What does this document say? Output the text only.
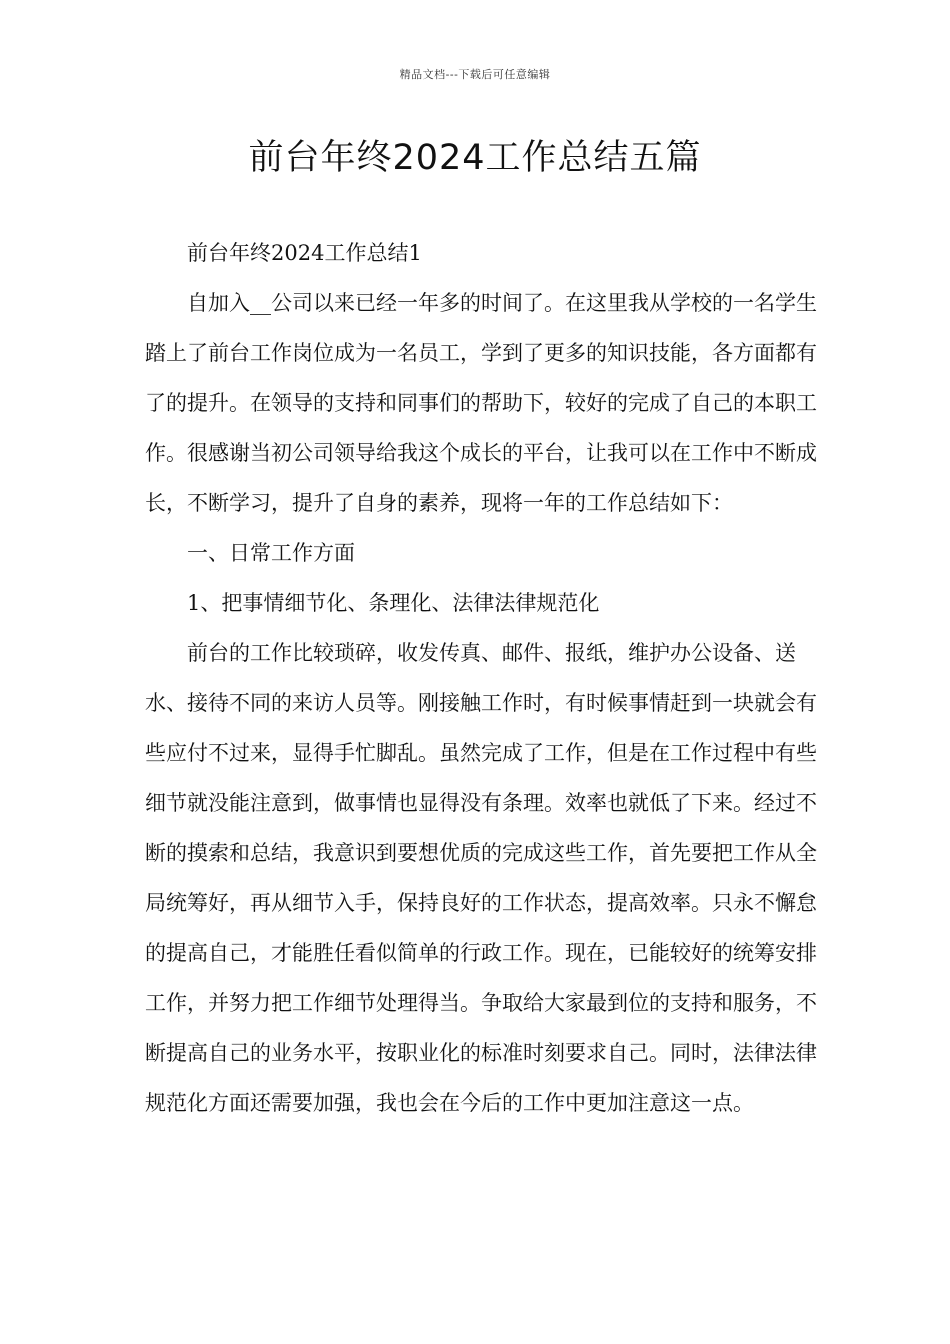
精品文档---下载后可任意编辑
前台年终2024工作总结五篇

前台年终2024工作总结1

自加入__公司以来已经一年多的时间了。在这里我从学校的一名学生踏上了前台工作岗位成为一名员工，学到了更多的知识技能，各方面都有了的提升。在领导的支持和同事们的帮助下，较好的完成了自己的本职工作。很感谢当初公司领导给我这个成长的平台，让我可以在工作中不断成长，不断学习，提升了自身的素养，现将一年的工作总结如下：

一、日常工作方面

1、把事情细节化、条理化、法律法律规范化

前台的工作比较琐碎，收发传真、邮件、报纸，维护办公设备、送水、接待不同的来访人员等。刚接触工作时，有时候事情赶到一块就会有些应付不过来，显得手忙脚乱。虽然完成了工作，但是在工作过程中有些细节就没能注意到，做事情也显得没有条理。效率也就低了下来。经过不断的摸索和总结，我意识到要想优质的完成这些工作，首先要把工作从全局统筹好，再从细节入手，保持良好的工作状态，提高效率。只永不懈怠的提高自己，才能胜任看似简单的行政工作。现在，已能较好的统筹安排工作，并努力把工作细节处理得当。争取给大家最到位的支持和服务，不断提高自己的业务水平，按职业化的标准时刻要求自己。同时，法律法律规范化方面还需要加强，我也会在今后的工作中更加注意这一点。
